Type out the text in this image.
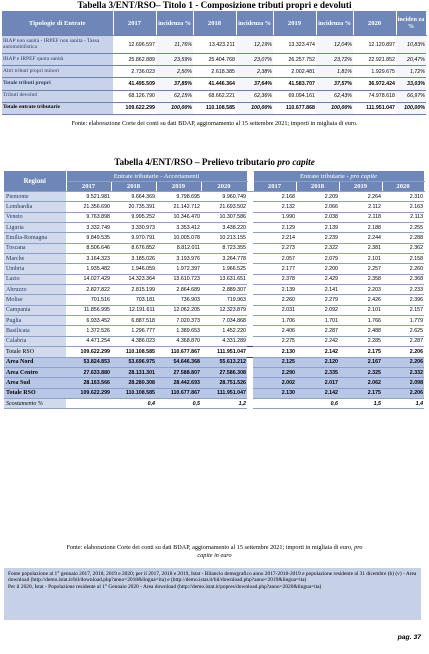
Tabella 3/ENT/RSO– Titolo 1 - Composizione tributi propri e devoluti
Tipologie di Entrate	2017	incidenza %	2018	incidenza %	2019	incidenza %	2020	inciden za %
IRAP non sanità - IRPEF non sanità - Tassa automobilistica	12.696.597	11,76%	13.423.211	12,19%	13.323.474	12,04%	12.120.897	10,83%
IRAP e IRPEF quota sanità	25.862.889	23,59%	25.404.768	23,07%	26.257.752	23,72%	22.921.852	20,47%
Altri tributi propri minori	2.736.023	2,50%	2.618.385	2,38%	2.002.481	1,81%	1.929.675	1,72%
Totale tributi propri	41.495.509	37,85%	41.446.364	37,64%	41.583.707	37,57%	36.972.424	33,03%
Tributi devoluti	68.126.790	62,15%	68.662.221	62,36%	69.094.161	62,43%	74.978.618	66,97%
Totale entrate tributarie	109.622.299	100,00%	110.108.585	100,00%	110.677.868	100,00%	111.951.047	100,00%
Fonte: elaborazione Corte dei conti su dati BDAP, aggiornamento al 15 settembre 2021; importi in migliaia di euro.
Tabella 4/ENT/RSO – Prelievo tributario pro capite
Regioni	Entrate tributarie - Accertamenti					Entrate tributarie - pro capite			
	2017	2018	2019	2020		2017	2018	2019	2020
Piemonte	9.521.981	9.664.369	9.798.695	9.960.749		2.168	2.209	2.264	2.310
Lombardia	21.356.690	20.735.391	21.142.712	21.693.502		2.132	2.066	2.112	2.163
Veneto	9.763.898	9.995.252	10.346.470	10.307.586		1.990	2.038	2.118	2.113
Liguria	3.332.749	3.330.973	3.353.412	3.438.220		2.129	2.139	2.188	2.255
Emilia-Romagna	9.849.535	9.970.791	10.005.078	10.213.155		2.214	2.239	2.244	2.288
Toscana	8.506.646	8.676.852	8.812.011	8.723.355		2.273	2.322	2.381	2.362
Marche	3.164.323	3.185.026	3.193.976	3.264.778		2.057	2.079	2.101	2.158
Umbria	1.935.482	1.946.059	1.972.397	1.966.525		2.177	2.200	2.257	2.260
Lazio	14.027.429	14.323.364	13.610.723	13.631.651		2.378	2.429	2.358	2.368
Abruzzo	2.827.822	2.815.199	2.864.689	2.889.307		2.139	2.141	2.203	2.233
Molise	701.516	703.181	736.903	719.963		2.260	2.279	2.426	2.396
Campania	11.856.995	12.191.611	12.062.205	12.323.879		2.031	2.092	2.101	2.157
Puglia	6.933.452	6.887.518	7.020.373	7.034.868		1.706	1.701	1.766	1.779
Basilicata	1.372.526	1.296.777	1.389.653	1.452.220		2.406	2.287	2.488	2.625
Calabria	4.471.254	4.386.023	4.368.870	4.331.289		2.275	2.242	2.285	2.287
Totale RSO	109.622.299	110.108.585	110.677.867	111.951.047		2.130	2.142	2.175	2.206
Area Nord	53.824.853	53.696.975	54.646.368	55.613.212		2.125	2.120	2.167	2.206
Area Centro	27.633.880	28.131.301	27.588.807	27.586.308		2.290	2.335	2.325	2.332
Area Sud	28.163.566	28.280.308	28.442.693	28.751.526		2.002	2.017	2.062	2.098
Totale RSO	109.622.299	110.108.585	110.677.867	111.951.047		2.130	2.142	2.175	2.206
Scostamento %		0,4	0,5	1,2			0,6	1,5	1,4
Fonte: elaborazione Corte dei conti su dati BDAP, aggiornamento al 15 settembre 2021; importi in migliaia di euro, pro
capite in euro

Fonte popolazione al 1° gennaio 2017, 2018, 2019 e 2020; per il 2017, 2018 e 2019, Istat - Bilancio demografico anno 2017-2018-2019 e popolazione residente al 31 dicembre (b) (v) - Area download (http://demo.istat.it/bil/download.php?anno=2018&lingua=ita) e (http://demo.istat.it/bil/download.php?anno=2019&lingua=ita)

Per il 2020, Istat - Popolazione residente al 1° Gennaio 2020 - Area download (http://demo.istat.it/popres/download.php?anno=2020&lingua=ita)

pag. 37
